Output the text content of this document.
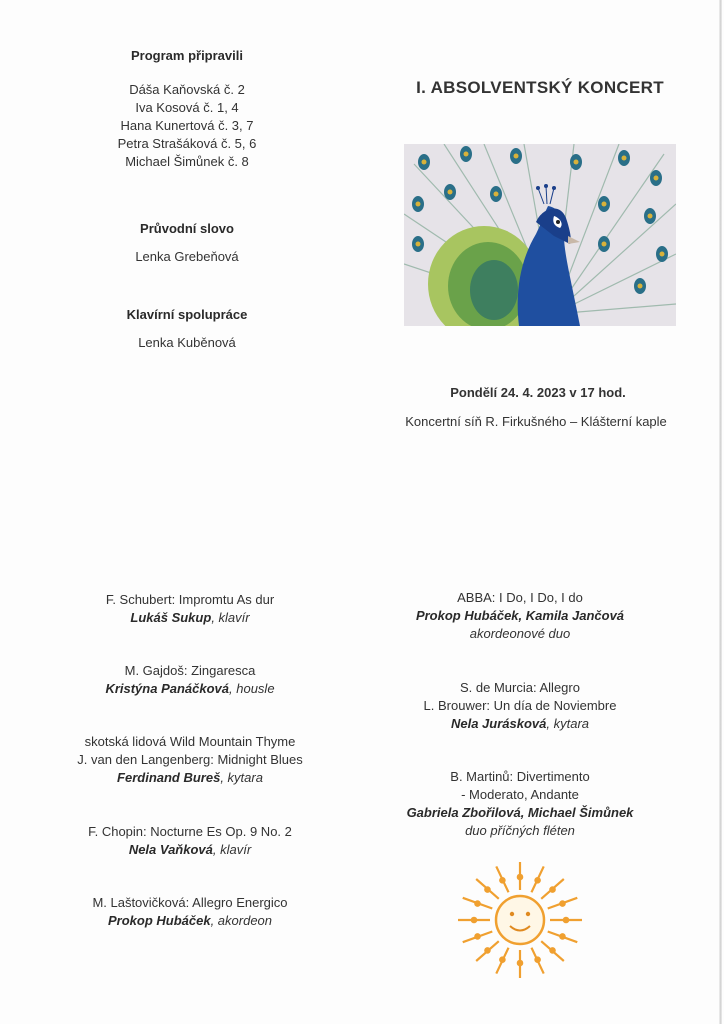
Program připravili
Dáša Kaňovská č. 2
Iva Kosová č. 1, 4
Hana Kunertová č. 3, 7
Petra Strašáková č. 5, 6
Michael Šimůnek č. 8
Průvodní slovo
Lenka Grebeňová
Klavírní spolupráce
Lenka Kuběnová
I. ABSOLVENTSKÝ KONCERT
Pondělí 24. 4. 2023 v 17 hod.
Koncertní síň R. Firkušného – Klášterní kaple
F. Schubert: Impromtu As dur
Lukáš Sukup, klavír
M. Gajdoš: Zingaresca
Kristýna Panáčková, housle
skotská lidová Wild Mountain Thyme
J. van den Langenberg: Midnight Blues
Ferdinand Bureš, kytara
F. Chopin: Nocturne Es Op. 9 No. 2
Nela Vaňková, klavír
M. Laštovičková: Allegro Energico
Prokop Hubáček, akordeon
ABBA: I Do, I Do, I do
Prokop Hubáček, Kamila Jančová
akordeonové duo
S. de Murcia: Allegro
L. Brouwer: Un día de Noviembre
Nela Jurásková, kytara
B. Martinů: Divertimento
- Moderato, Andante
Gabriela Zbořilová, Michael Šimůnek
duo příčných fléten
